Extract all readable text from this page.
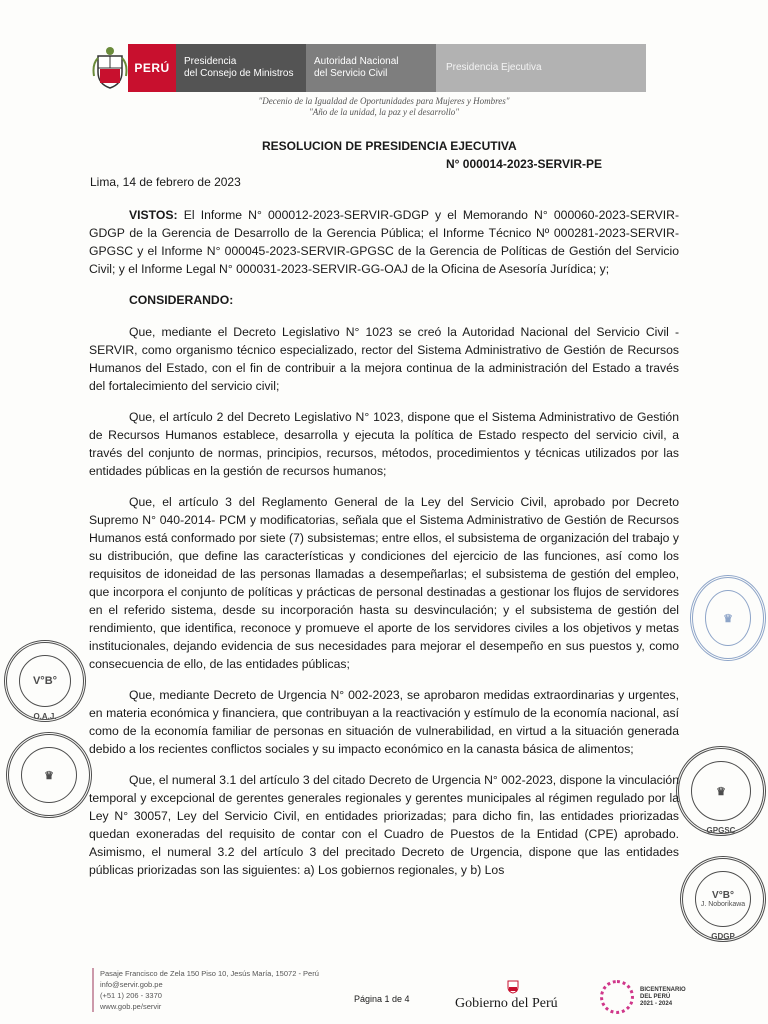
PERÚ	Presidencia
del Consejo de Ministros
Autoridad Nacional
del Servicio Civil
Presidencia Ejecutiva
"Decenio de la Igualdad de Oportunidades para Mujeres y Hombres"
"Año de la unidad, la paz y el desarrollo"
RESOLUCION DE PRESIDENCIA EJECUTIVA
N° 000014-2023-SERVIR-PE
Lima, 14 de febrero de 2023

VISTOS: El Informe N° 000012-2023-SERVIR-GDGP y el Memorando N° 000060-2023-SERVIR-GDGP de la Gerencia de Desarrollo de la Gerencia Pública; el Informe Técnico Nº 000281-2023-SERVIR-GPGSC y el Informe N° 000045-2023-SERVIR-GPGSC de la Gerencia de Políticas de Gestión del Servicio Civil; y el Informe Legal N° 000031-2023-SERVIR-GG-OAJ de la Oficina de Asesoría Jurídica; y;

CONSIDERANDO:

Que, mediante el Decreto Legislativo N° 1023 se creó la Autoridad Nacional del Servicio Civil - SERVIR, como organismo técnico especializado, rector del Sistema Administrativo de Gestión de Recursos Humanos del Estado, con el fin de contribuir a la mejora continua de la administración del Estado a través del fortalecimiento del servicio civil;

Que, el artículo 2 del Decreto Legislativo N° 1023, dispone que el Sistema Administrativo de Gestión de Recursos Humanos establece, desarrolla y ejecuta la política de Estado respecto del servicio civil, a través del conjunto de normas, principios, recursos, métodos, procedimientos y técnicas utilizados por las entidades públicas en la gestión de recursos humanos;

Que, el artículo 3 del Reglamento General de la Ley del Servicio Civil, aprobado por Decreto Supremo N° 040-2014- PCM y modificatorias, señala que el Sistema Administrativo de Gestión de Recursos Humanos está conformado por siete (7) subsistemas; entre ellos, el subsistema de organización del trabajo y su distribución, que define las características y condiciones del ejercicio de las funciones, así como los requisitos de idoneidad de las personas llamadas a desempeñarlas; el subsistema de gestión del empleo, que incorpora el conjunto de políticas y prácticas de personal destinadas a gestionar los flujos de servidores en el referido sistema, desde su incorporación hasta su desvinculación; y el subsistema de gestión del rendimiento, que identifica, reconoce y promueve el aporte de los servidores civiles a los objetivos y metas institucionales, dejando evidencia de sus necesidades para mejorar el desempeño en sus puestos y, como consecuencia de ello, de las entidades públicas;

Que, mediante Decreto de Urgencia N° 002-2023, se aprobaron medidas extraordinarias y urgentes, en materia económica y financiera, que contribuyan a la reactivación y estímulo de la economía nacional, así como de la economía familiar de personas en situación de vulnerabilidad, en virtud a la situación generada debido a los recientes conflictos sociales y su impacto económico en la canasta básica de alimentos;

Que, el numeral 3.1 del artículo 3 del citado Decreto de Urgencia N° 002-2023, dispone la vinculación temporal y excepcional de gerentes generales regionales y gerentes municipales al régimen regulado por la Ley N° 30057, Ley del Servicio Civil, en entidades priorizadas; para dicho fin, las entidades priorizadas quedan exoneradas del requisito de contar con el Cuadro de Puestos de la Entidad (CPE) aprobado. Asimismo, el numeral 3.2 del artículo 3 del precitado Decreto de Urgencia, dispone que las entidades públicas priorizadas son las siguientes: a) Los gobiernos regionales, y b) Los

V°B°
O.A.J.
♛
♛
♛
GPGSC
V°B°
J. Noborikawa
GDGP
Pasaje Francisco de Zela 150 Piso 10, Jesús María, 15072 - Perú
info@servir.gob.pe
(+51 1) 206 - 3370
www.gob.pe/servir
Página 1 de 4	Gobierno del Perú
BICENTENARIO
DEL PERÚ
2021 - 2024
